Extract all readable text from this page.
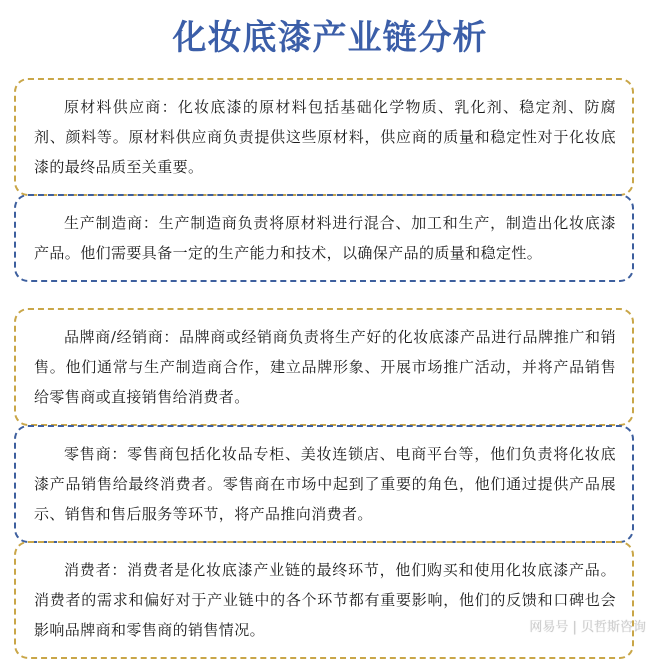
化妆底漆产业链分析

原材料供应商：化妆底漆的原材料包括基础化学物质、乳化剂、稳定剂、防腐剂、颜料等。原材料供应商负责提供这些原材料，供应商的质量和稳定性对于化妆底漆的最终品质至关重要。

生产制造商：生产制造商负责将原材料进行混合、加工和生产，制造出化妆底漆产品。他们需要具备一定的生产能力和技术，以确保产品的质量和稳定性。

品牌商/经销商：品牌商或经销商负责将生产好的化妆底漆产品进行品牌推广和销售。他们通常与生产制造商合作，建立品牌形象、开展市场推广活动，并将产品销售给零售商或直接销售给消费者。

零售商：零售商包括化妆品专柜、美妆连锁店、电商平台等，他们负责将化妆底漆产品销售给最终消费者。零售商在市场中起到了重要的角色，他们通过提供产品展示、销售和售后服务等环节，将产品推向消费者。

消费者：消费者是化妆底漆产业链的最终环节，他们购买和使用化妆底漆产品。消费者的需求和偏好对于产业链中的各个环节都有重要影响，他们的反馈和口碑也会影响品牌商和零售商的销售情况。	网易号 | 贝哲斯咨询
